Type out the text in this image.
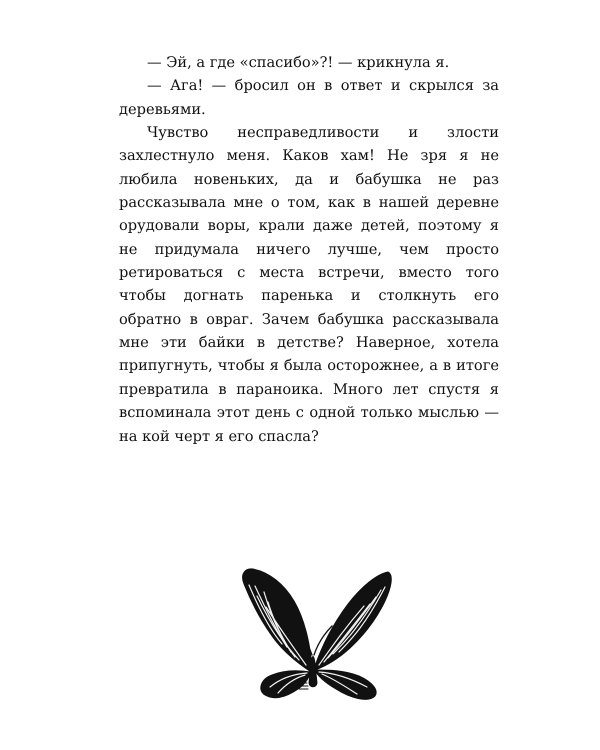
— Эй, а где «спасибо»?! — крикнула я.

— Ага! — бросил он в ответ и скрылся за деревьями.

Чувство несправедливости и злости захлестнуло меня. Каков хам! Не зря я не любила новеньких, да и бабушка не раз рассказывала мне о том, как в нашей деревне орудовали воры, крали даже детей, поэтому я не придумала ничего лучше, чем просто ретироваться с места встречи, вместо того чтобы догнать паренька и столкнуть его обратно в овраг. Зачем бабушка рассказывала мне эти байки в детстве? Наверное, хотела припугнуть, чтобы я была осторожнее, а в итоге превратила в параноика. Много лет спустя я вспоминала этот день с одной только мыслью — на кой черт я его спасла?
